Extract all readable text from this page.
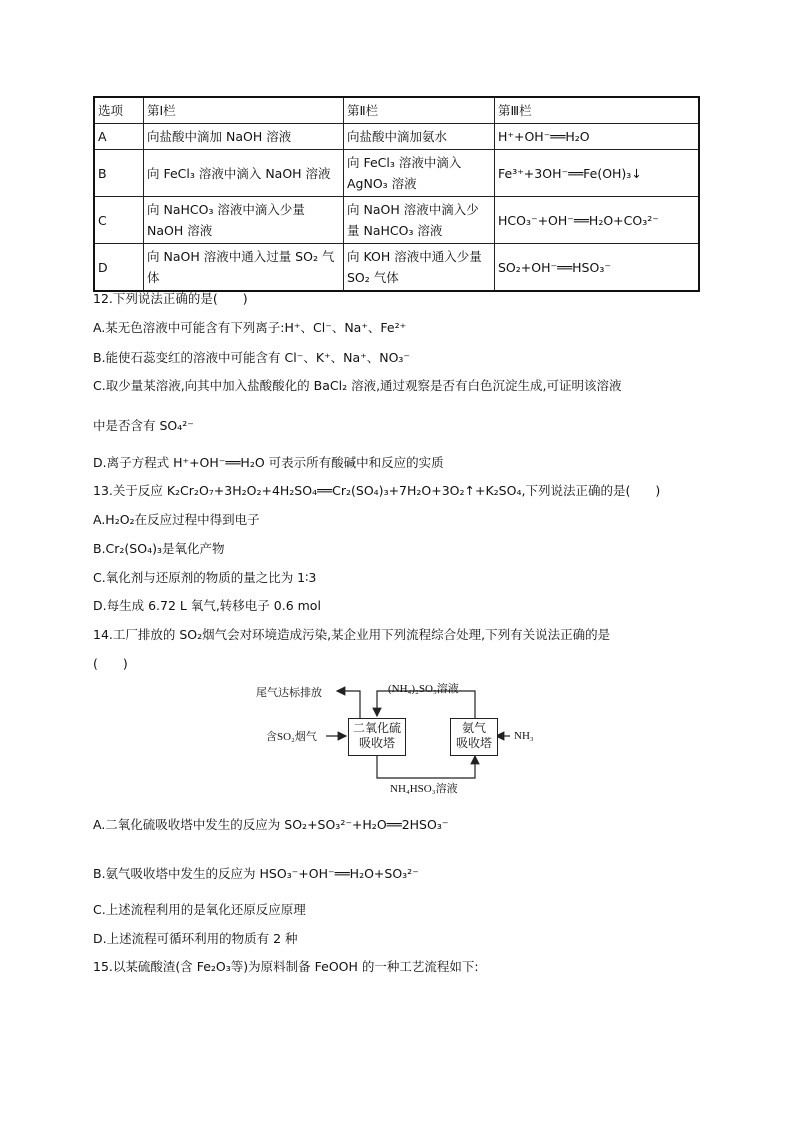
选项	第Ⅰ栏	第Ⅱ栏	第Ⅲ栏
A	向盐酸中滴加 NaOH 溶液	向盐酸中滴加氨水	H⁺+OH⁻══H₂O
B	向 FeCl₃ 溶液中滴入 NaOH 溶液	向 FeCl₃ 溶液中滴入 AgNO₃ 溶液	Fe³⁺+3OH⁻══Fe(OH)₃↓
C	向 NaHCO₃ 溶液中滴入少量 NaOH 溶液	向 NaOH 溶液中滴入少量 NaHCO₃ 溶液	HCO₃⁻+OH⁻══H₂O+CO₃²⁻
D	向 NaOH 溶液中通入过量 SO₂ 气体	向 KOH 溶液中通入少量 SO₂ 气体	SO₂+OH⁻══HSO₃⁻
12.下列说法正确的是(　　)
A.某无色溶液中可能含有下列离子:H⁺、Cl⁻、Na⁺、Fe²⁺
B.能使石蕊变红的溶液中可能含有 Cl⁻、K⁺、Na⁺、NO₃⁻
C.取少量某溶液,向其中加入盐酸酸化的 BaCl₂ 溶液,通过观察是否有白色沉淀生成,可证明该溶液
中是否含有 SO₄²⁻
D.离子方程式 H⁺+OH⁻══H₂O 可表示所有酸碱中和反应的实质
13.关于反应 K₂Cr₂O₇+3H₂O₂+4H₂SO₄══Cr₂(SO₄)₃+7H₂O+3O₂↑+K₂SO₄,下列说法正确的是(　　)
A.H₂O₂在反应过程中得到电子
B.Cr₂(SO₄)₃是氧化产物
C.氧化剂与还原剂的物质的量之比为 1∶3
D.每生成 6.72 L 氧气,转移电子 0.6 mol
14.工厂排放的 SO₂烟气会对环境造成污染,某企业用下列流程综合处理,下列有关说法正确的是
(　　)
尾气达标排放	(NH₄)₂SO₃溶液
含SO₂烟气
二氧化硫
吸收塔
氨气
吸收塔	NH₃
NH₄HSO₃溶液
A.二氧化硫吸收塔中发生的反应为 SO₂+SO₃²⁻+H₂O══2HSO₃⁻
B.氨气吸收塔中发生的反应为 HSO₃⁻+OH⁻══H₂O+SO₃²⁻
C.上述流程利用的是氧化还原反应原理
D.上述流程可循环利用的物质有 2 种
15.以某硫酸渣(含 Fe₂O₃等)为原料制备 FeOOH 的一种工艺流程如下:
